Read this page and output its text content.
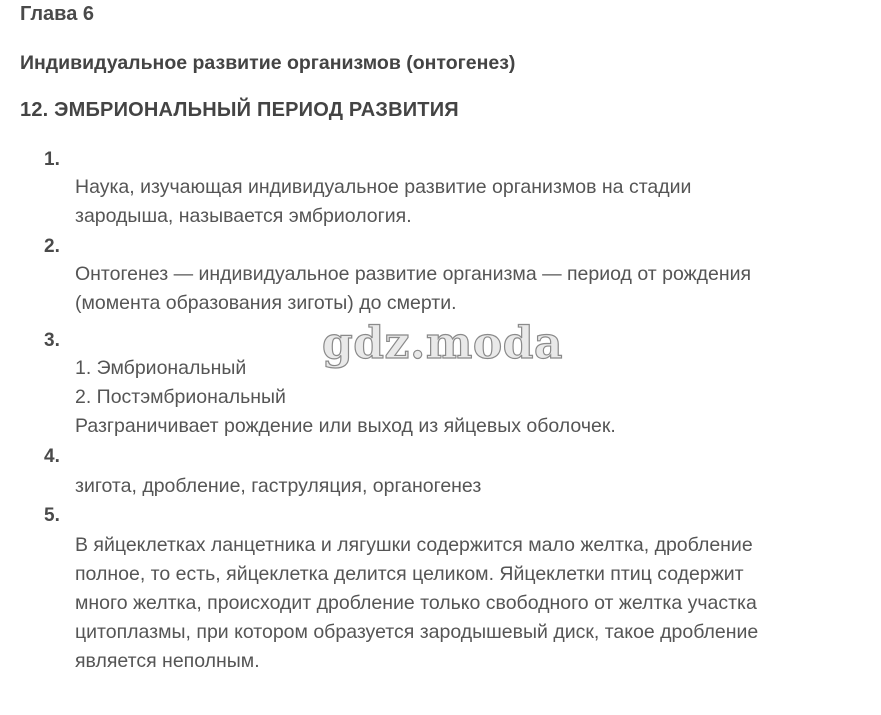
Глава 6
Индивидуальное развитие организмов (онтогенез)
12. ЭМБРИОНАЛЬНЫЙ ПЕРИОД РАЗВИТИЯ
1.
Наука, изучающая индивидуальное развитие организмов на стадии
зародыша, называется эмбриология.
2.
Онтогенез — индивидуальное развитие организма — период от рождения
(момента образования зиготы) до смерти.
3.
1. Эмбриональный
2. Постэмбриональный
Разграничивает рождение или выход из яйцевых оболочек.
4.
зигота, дробление, гаструляция, органогенез
5.
В яйцеклетках ланцетника и лягушки содержится мало желтка, дробление
полное, то есть, яйцеклетка делится целиком. Яйцеклетки птиц содержит
много желтка, происходит дробление только свободного от желтка участка
цитоплазмы, при котором образуется зародышевый диск, такое дробление
является неполным.
gdz.moda
